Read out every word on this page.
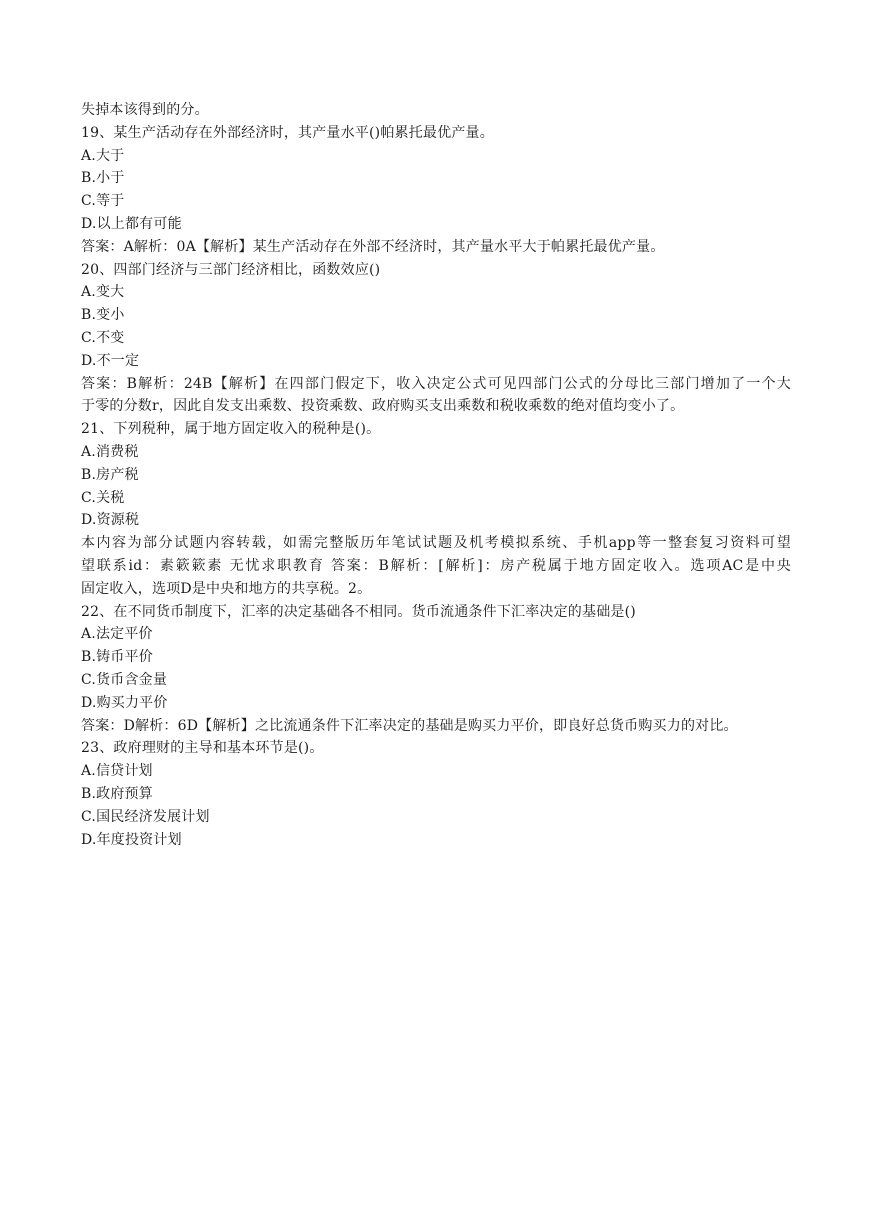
失掉本该得到的分。
19、某生产活动存在外部经济时，其产量水平()帕累托最优产量。
A.大于
B.小于
C.等于
D.以上都有可能
答案：A解析：0A【解析】某生产活动存在外部不经济时，其产量水平大于帕累托最优产量。
20、四部门经济与三部门经济相比，函数效应()
A.变大
B.变小
C.不变
D.不一定
答案：B解析：24B【解析】在四部门假定下，收入决定公式可见四部门公式的分母比三部门增加了一个大
于零的分数r，因此自发支出乘数、投资乘数、政府购买支出乘数和税收乘数的绝对值均变小了。
21、下列税种，属于地方固定收入的税种是()。
A.消费税
B.房产税
C.关税
D.资源税
本内容为部分试题内容转载，如需完整版历年笔试试题及机考模拟系统、手机app等一整套复习资料可望
望联系id：素簌簌素 无忧求职教育 答案：B解析：[解析]：房产税属于地方固定收入。选项AC是中央
固定收入，选项D是中央和地方的共享税。2。
22、在不同货币制度下，汇率的决定基础各不相同。货币流通条件下汇率决定的基础是()
A.法定平价
B.铸币平价
C.货币含金量
D.购买力平价
答案：D解析：6D【解析】之比流通条件下汇率决定的基础是购买力平价，即良好总货币购买力的对比。
23、政府理财的主导和基本环节是()。
A.信贷计划
B.政府预算
C.国民经济发展计划
D.年度投资计划
